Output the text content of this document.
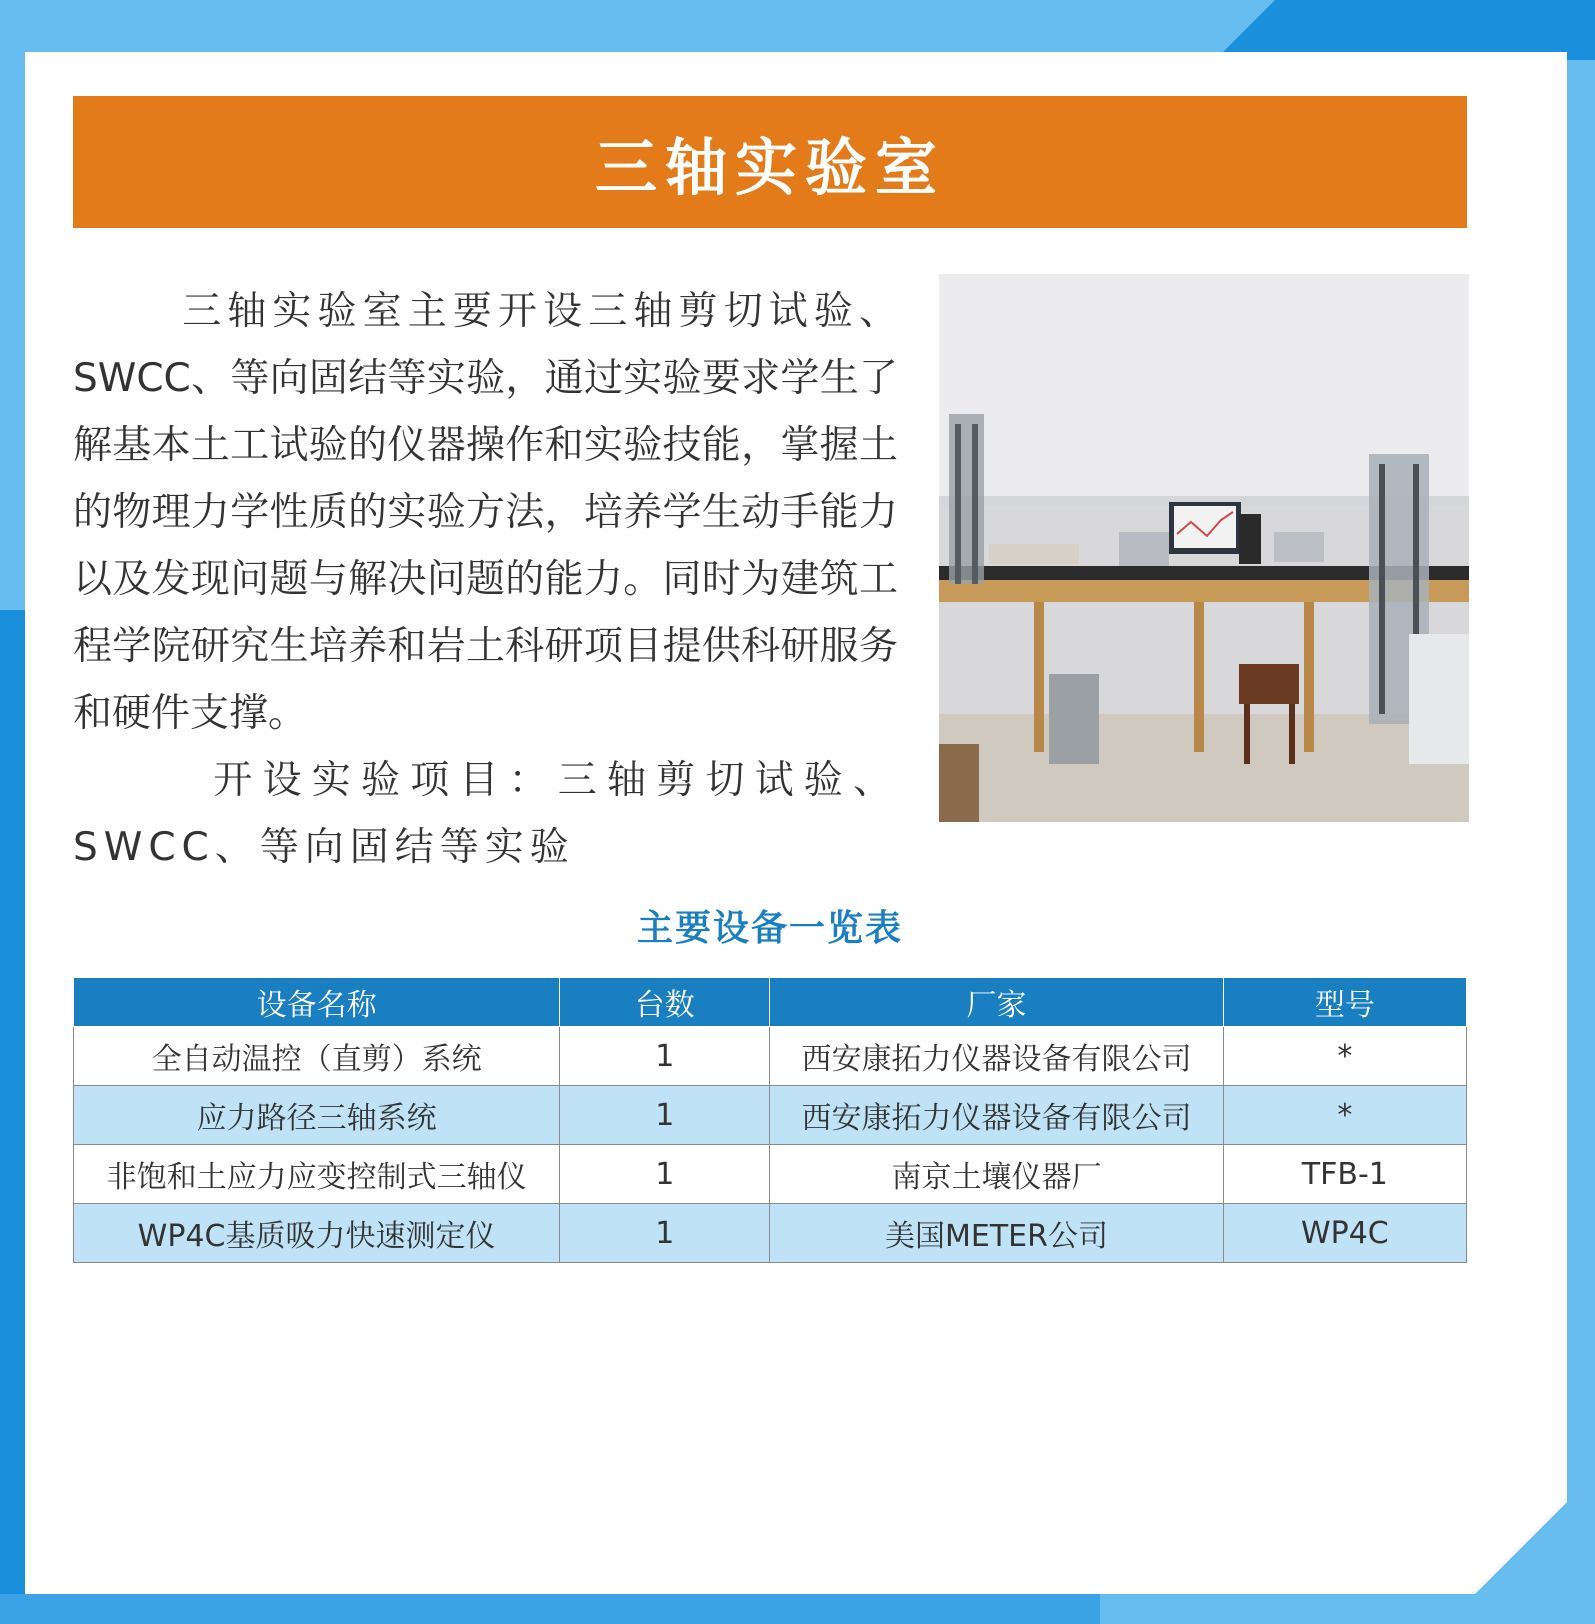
三轴实验室

三轴实验室主要开设三轴剪切试验、SWCC、等向固结等实验，通过实验要求学生了解基本土工试验的仪器操作和实验技能，掌握土的物理力学性质的实验方法，培养学生动手能力以及发现问题与解决问题的能力。同时为建筑工程学院研究生培养和岩土科研项目提供科研服务和硬件支撑。

开设实验项目：三轴剪切试验、SWCC、等向固结等实验

主要设备一览表
设备名称	台数	厂家	型号
全自动温控（直剪）系统	1	西安康拓力仪器设备有限公司	*
应力路径三轴系统	1	西安康拓力仪器设备有限公司	*
非饱和土应力应变控制式三轴仪	1	南京土壤仪器厂	TFB-1
WP4C基质吸力快速测定仪	1	美国METER公司	WP4C
